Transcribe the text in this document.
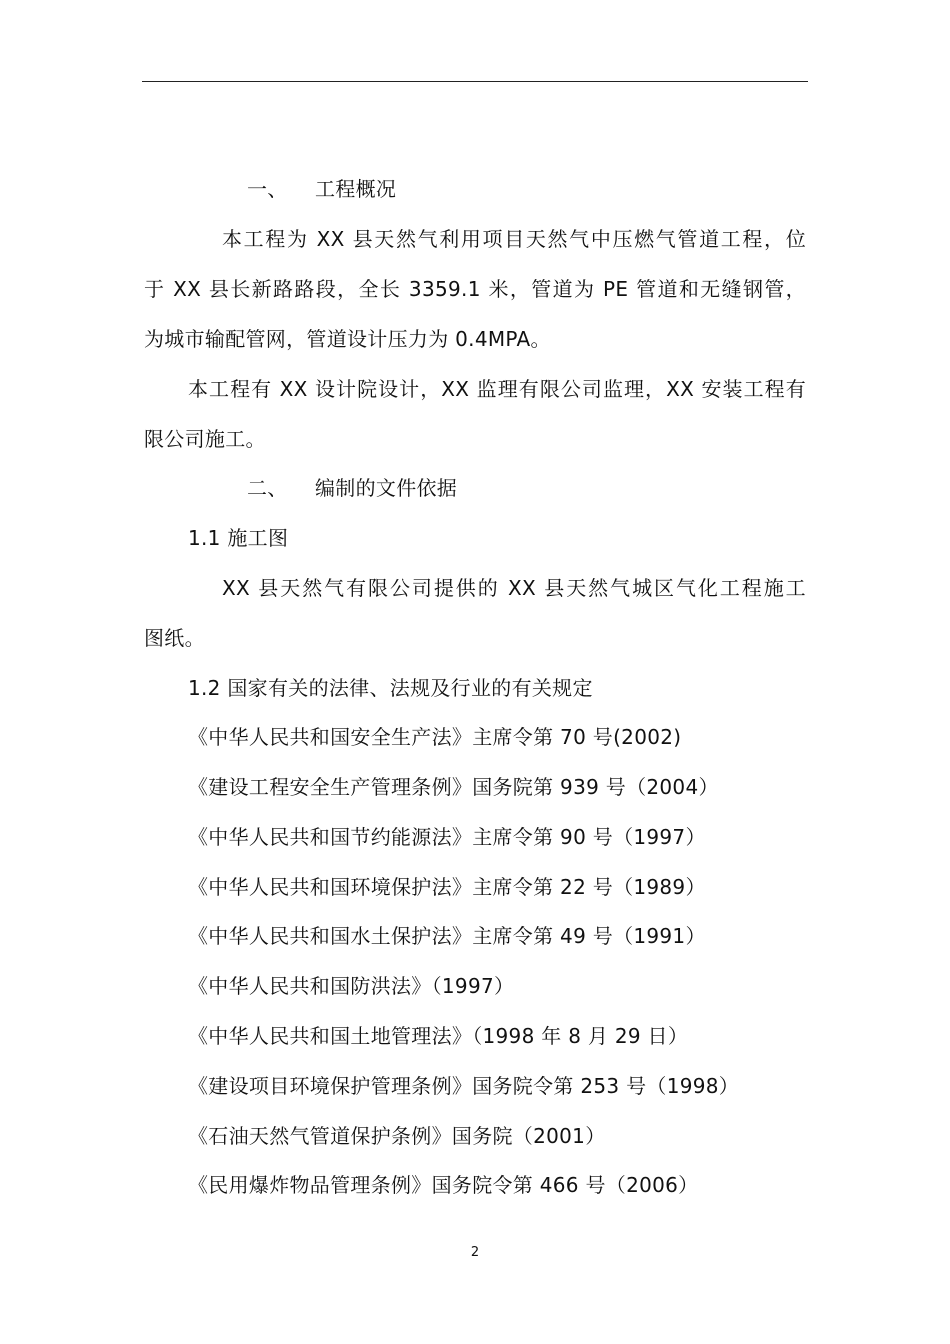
一、 工程概况
本工程为 XX 县天然气利用项目天然气中压燃气管道工程，位
于 XX 县长新路路段，全长 3359.1 米，管道为 PE 管道和无缝钢管，
为城市输配管网，管道设计压力为 0.4MPA。
本工程有 XX 设计院设计，XX 监理有限公司监理，XX 安装工程有
限公司施工。
二、 编制的文件依据
1.1 施工图
XX 县天然气有限公司提供的 XX 县天然气城区气化工程施工
图纸。
1.2 国家有关的法律、法规及行业的有关规定
《中华人民共和国安全生产法》主席令第 70 号(2002)
《建设工程安全生产管理条例》国务院第 939 号（2004）
《中华人民共和国节约能源法》主席令第 90 号（1997）
《中华人民共和国环境保护法》主席令第 22 号（1989）
《中华人民共和国水土保护法》主席令第 49 号（1991）
《中华人民共和国防洪法》（1997）
《中华人民共和国土地管理法》（1998 年 8 月 29 日）
《建设项目环境保护管理条例》国务院令第 253 号（1998）
《石油天然气管道保护条例》国务院（2001）
《民用爆炸物品管理条例》国务院令第 466 号（2006）
2
